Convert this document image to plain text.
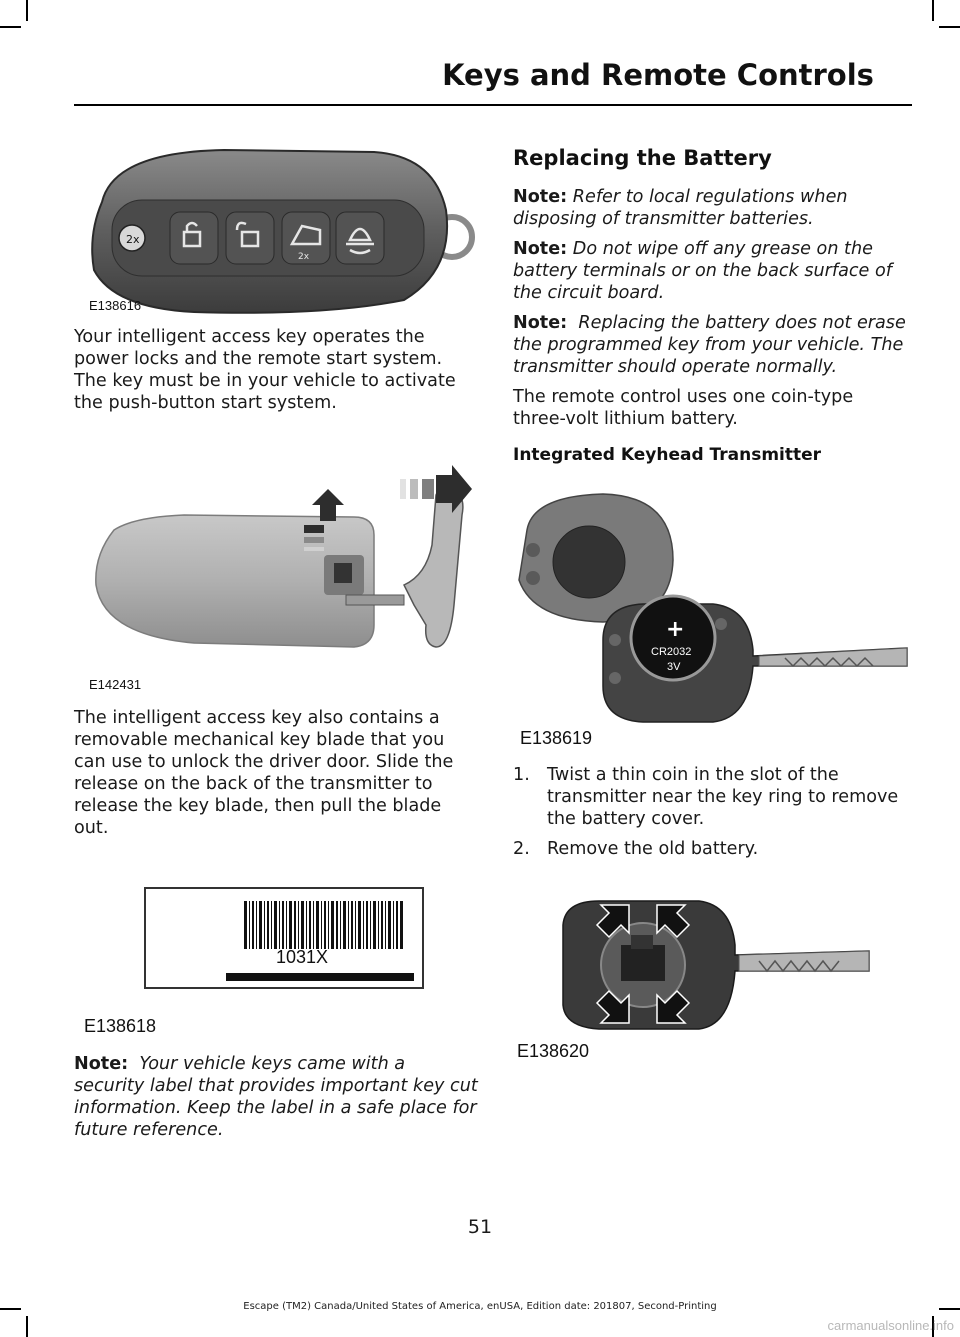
Keys and Remote Controls
2x
2x
E138616

Your intelligent access key operates the power locks and the remote start system. The key must be in your vehicle to activate the push-button start system.

E142431

The intelligent access key also contains a removable mechanical key blade that you can use to unlock the driver door. Slide the release on the back of the transmitter to release the key blade, then pull the blade out.

1031X
E138618

Note: Your vehicle keys came with a security label that provides important key cut information. Keep the label in a safe place for future reference.

Replacing the Battery

Note: Refer to local regulations when disposing of transmitter batteries.

Note: Do not wipe off any grease on the battery terminals or on the back surface of the circuit board.

Note: Replacing the battery does not erase the programmed key from your vehicle. The transmitter should operate normally.

The remote control uses one coin-type three-volt lithium battery.

Integrated Keyhead Transmitter
+
CR2032
3V
E138619
1. Twist a thin coin in the slot of the transmitter near the key ring to remove the battery cover.
2. Remove the old battery.
E138620
51
Escape (TM2) Canada/United States of America, enUSA, Edition date: 201807, Second-Printing
carmanualsonline.info
